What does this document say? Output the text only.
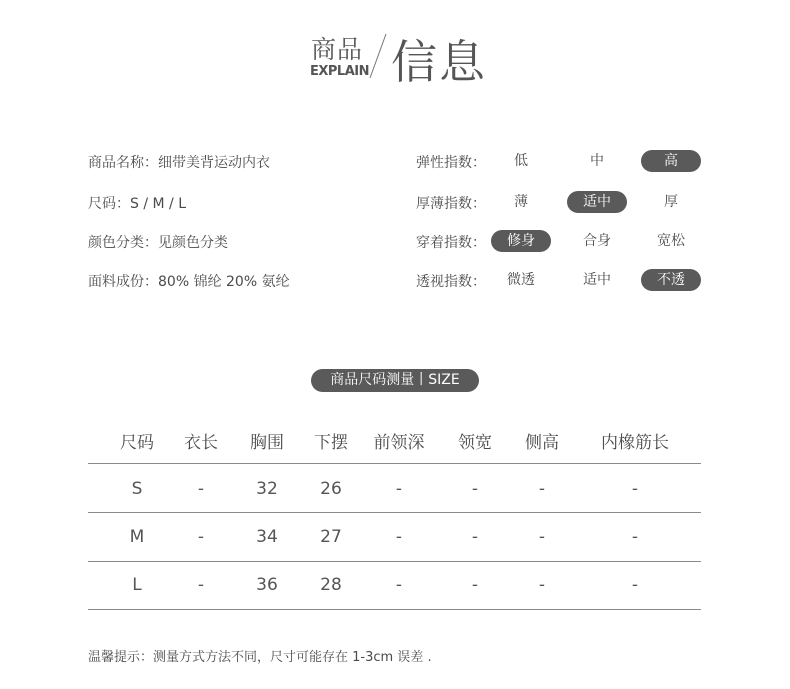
商品
EXPLAIN 信息
商品名称：细带美背运动内衣
尺码：S / M / L
颜色分类：见颜色分类
面料成份：80% 锦纶 20% 氨纶
弹性指数：	低	中	高
厚薄指数：	薄	适中	厚
穿着指数：	修身	合身	宽松
透视指数：	微透	适中	不透
商品尺码测量丨SIZE
尺码	衣长	胸围	下摆	前领深	领宽	侧高	内橡筋长
S	-	32	26	-	-	-	-
M	-	34	27	-	-	-	-
L	-	36	28	-	-	-	-
温馨提示：测量方式方法不同，尺寸可能存在 1-3cm 误差 .
